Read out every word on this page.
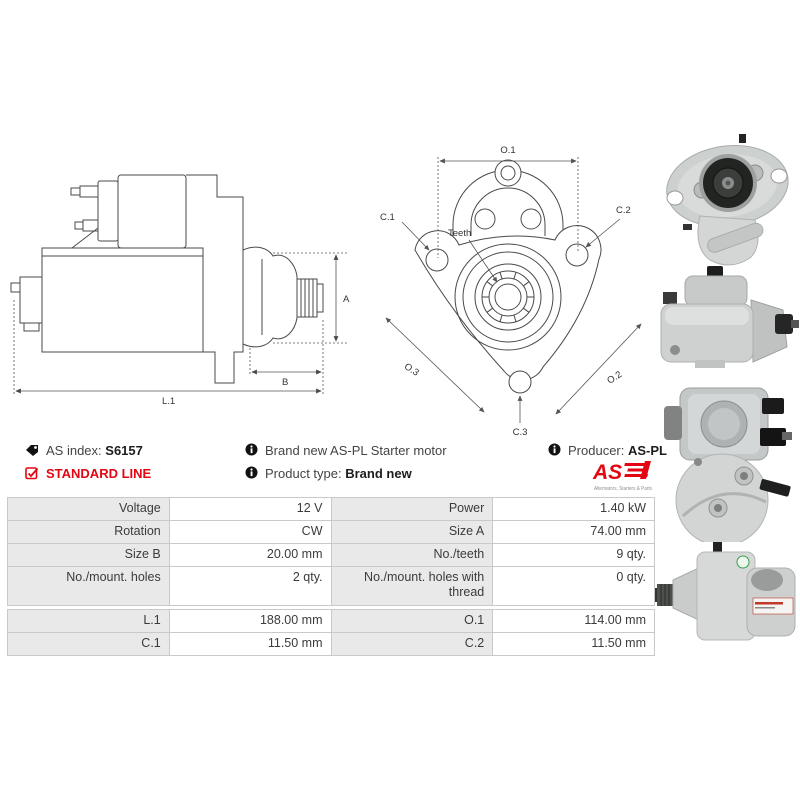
A
B
L.1
O.1
C.1
C.2
C.3
Teeth
O.3	O.2
AS index: S6157
STANDARD LINE
Brand new AS-PL Starter motor
Product type: Brand new
Producer: AS-PL
AS
Alternators, Starters & Parts
Voltage	12 V	Power	1.40 kW
Rotation	CW	Size A	74.00 mm
Size B	20.00 mm	No./teeth	9 qty.
No./mount. holes	2 qty.	No./mount. holes with thread	0 qty.
L.1	188.00 mm	O.1	114.00 mm
C.1	11.50 mm	C.2	11.50 mm
